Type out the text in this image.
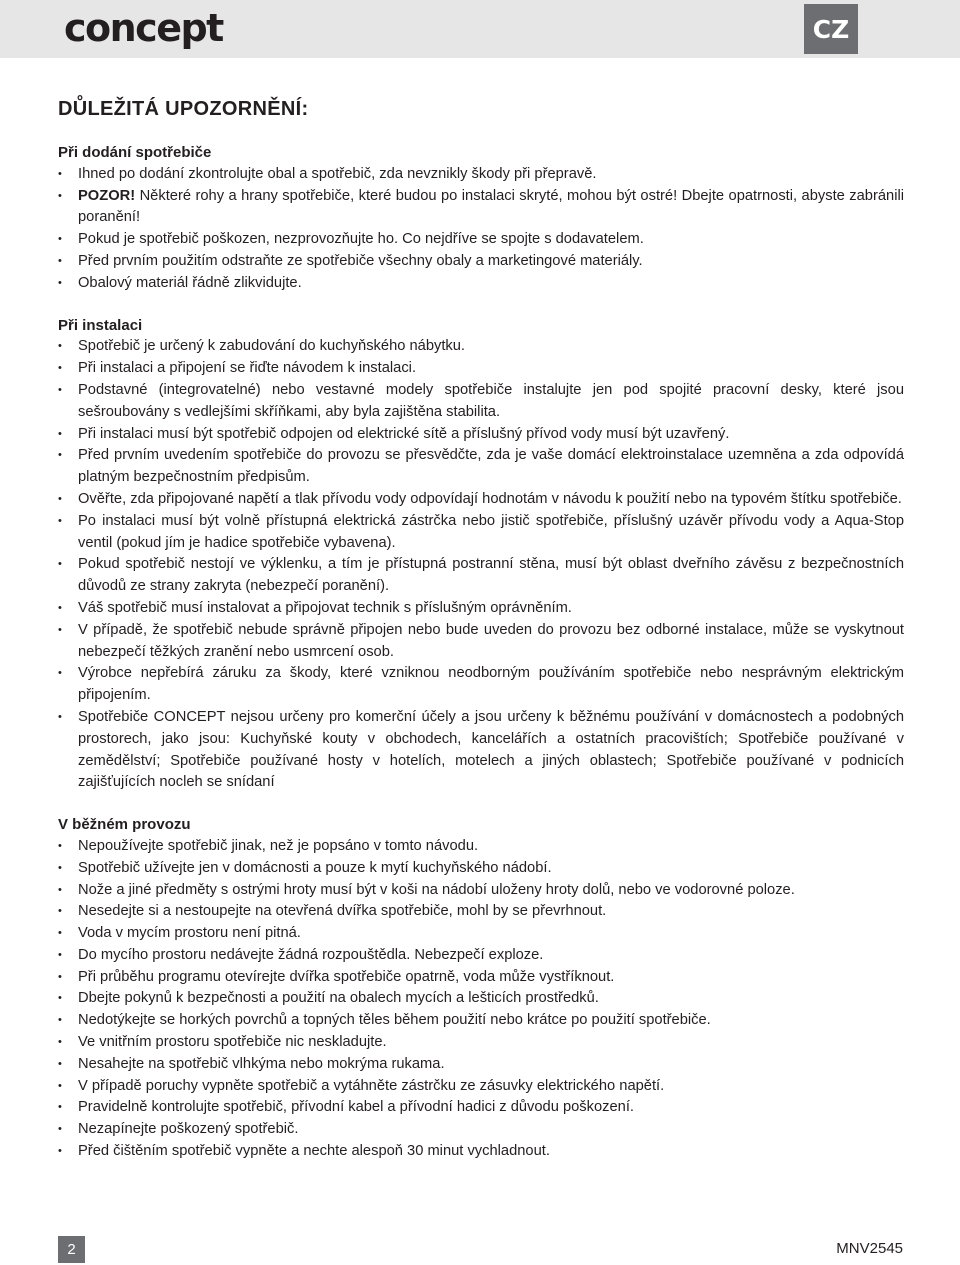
concept	CZ
DŮLEŽITÁ UPOZORNĚNÍ:
Při dodání spotřebiče
• Ihned po dodání zkontrolujte obal a spotřebič, zda nevznikly škody při přepravě.
• POZOR! Některé rohy a hrany spotřebiče, které budou po instalaci skryté, mohou být ostré! Dbejte opatrnosti, abyste zabránili poranění!
• Pokud je spotřebič poškozen, nezprovozňujte ho. Co nejdříve se spojte s dodavatelem.
• Před prvním použitím odstraňte ze spotřebiče všechny obaly a marketingové materiály.
• Obalový materiál řádně zlikvidujte.
Při instalaci
• Spotřebič je určený k zabudování do kuchyňského nábytku.
• Při instalaci a připojení se řiďte návodem k instalaci.
• Podstavné (integrovatelné) nebo vestavné modely spotřebiče instalujte jen pod spojité pracovní desky, které jsou sešroubovány s vedlejšími skříňkami, aby byla zajištěna stabilita.
• Při instalaci musí být spotřebič odpojen od elektrické sítě a příslušný přívod vody musí být uzavřený.
• Před prvním uvedením spotřebiče do provozu se přesvědčte, zda je vaše domácí elektroinstalace uzemněna a zda odpovídá platným bezpečnostním předpisům.
• Ověřte, zda připojované napětí a tlak přívodu vody odpovídají hodnotám v návodu k použití nebo na typovém štítku spotřebiče.
• Po instalaci musí být volně přístupná elektrická zástrčka nebo jistič spotřebiče, příslušný uzávěr přívodu vody a Aqua-Stop ventil (pokud jím je hadice spotřebiče vybavena).
• Pokud spotřebič nestojí ve výklenku, a tím je přístupná postranní stěna, musí být oblast dveřního závěsu z bezpečnostních důvodů ze strany zakryta (nebezpečí poranění).
• Váš spotřebič musí instalovat a připojovat technik s příslušným oprávněním.
• V případě, že spotřebič nebude správně připojen nebo bude uveden do provozu bez odborné instalace, může se vyskytnout nebezpečí těžkých zranění nebo usmrcení osob.
• Výrobce nepřebírá záruku za škody, které vzniknou neodborným používáním spotřebiče nebo nesprávným elektrickým připojením.
• Spotřebiče CONCEPT nejsou určeny pro komerční účely a jsou určeny k běžnému používání v domácnostech a podobných prostorech, jako jsou: Kuchyňské kouty v obchodech, kancelářích a ostatních pracovištích; Spotřebiče používané v zemědělství; Spotřebiče používané hosty v hotelích, motelech a jiných oblastech; Spotřebiče používané v podnicích zajišťujících nocleh se snídaní
V běžném provozu
• Nepoužívejte spotřebič jinak, než je popsáno v tomto návodu.
• Spotřebič užívejte jen v domácnosti a pouze k mytí kuchyňského nádobí.
• Nože a jiné předměty s ostrými hroty musí být v koši na nádobí uloženy hroty dolů, nebo ve vodorovné poloze.
• Nesedejte si a nestoupejte na otevřená dvířka spotřebiče, mohl by se převrhnout.
• Voda v mycím prostoru není pitná.
• Do mycího prostoru nedávejte žádná rozpouštědla. Nebezpečí exploze.
• Při průběhu programu otevírejte dvířka spotřebiče opatrně, voda může vystříknout.
• Dbejte pokynů k bezpečnosti a použití na obalech mycích a lešticích prostředků.
• Nedotýkejte se horkých povrchů a topných těles během použití nebo krátce po použití spotřebiče.
• Ve vnitřním prostoru spotřebiče nic neskladujte.
• Nesahejte na spotřebič vlhkýma nebo mokrýma rukama.
• V případě poruchy vypněte spotřebič a vytáhněte zástrčku ze zásuvky elektrického napětí.
• Pravidelně kontrolujte spotřebič, přívodní kabel a přívodní hadici z důvodu poškození.
• Nezapínejte poškozený spotřebič.
• Před čištěním spotřebič vypněte a nechte alespoň 30 minut vychladnout.
2	MNV2545
